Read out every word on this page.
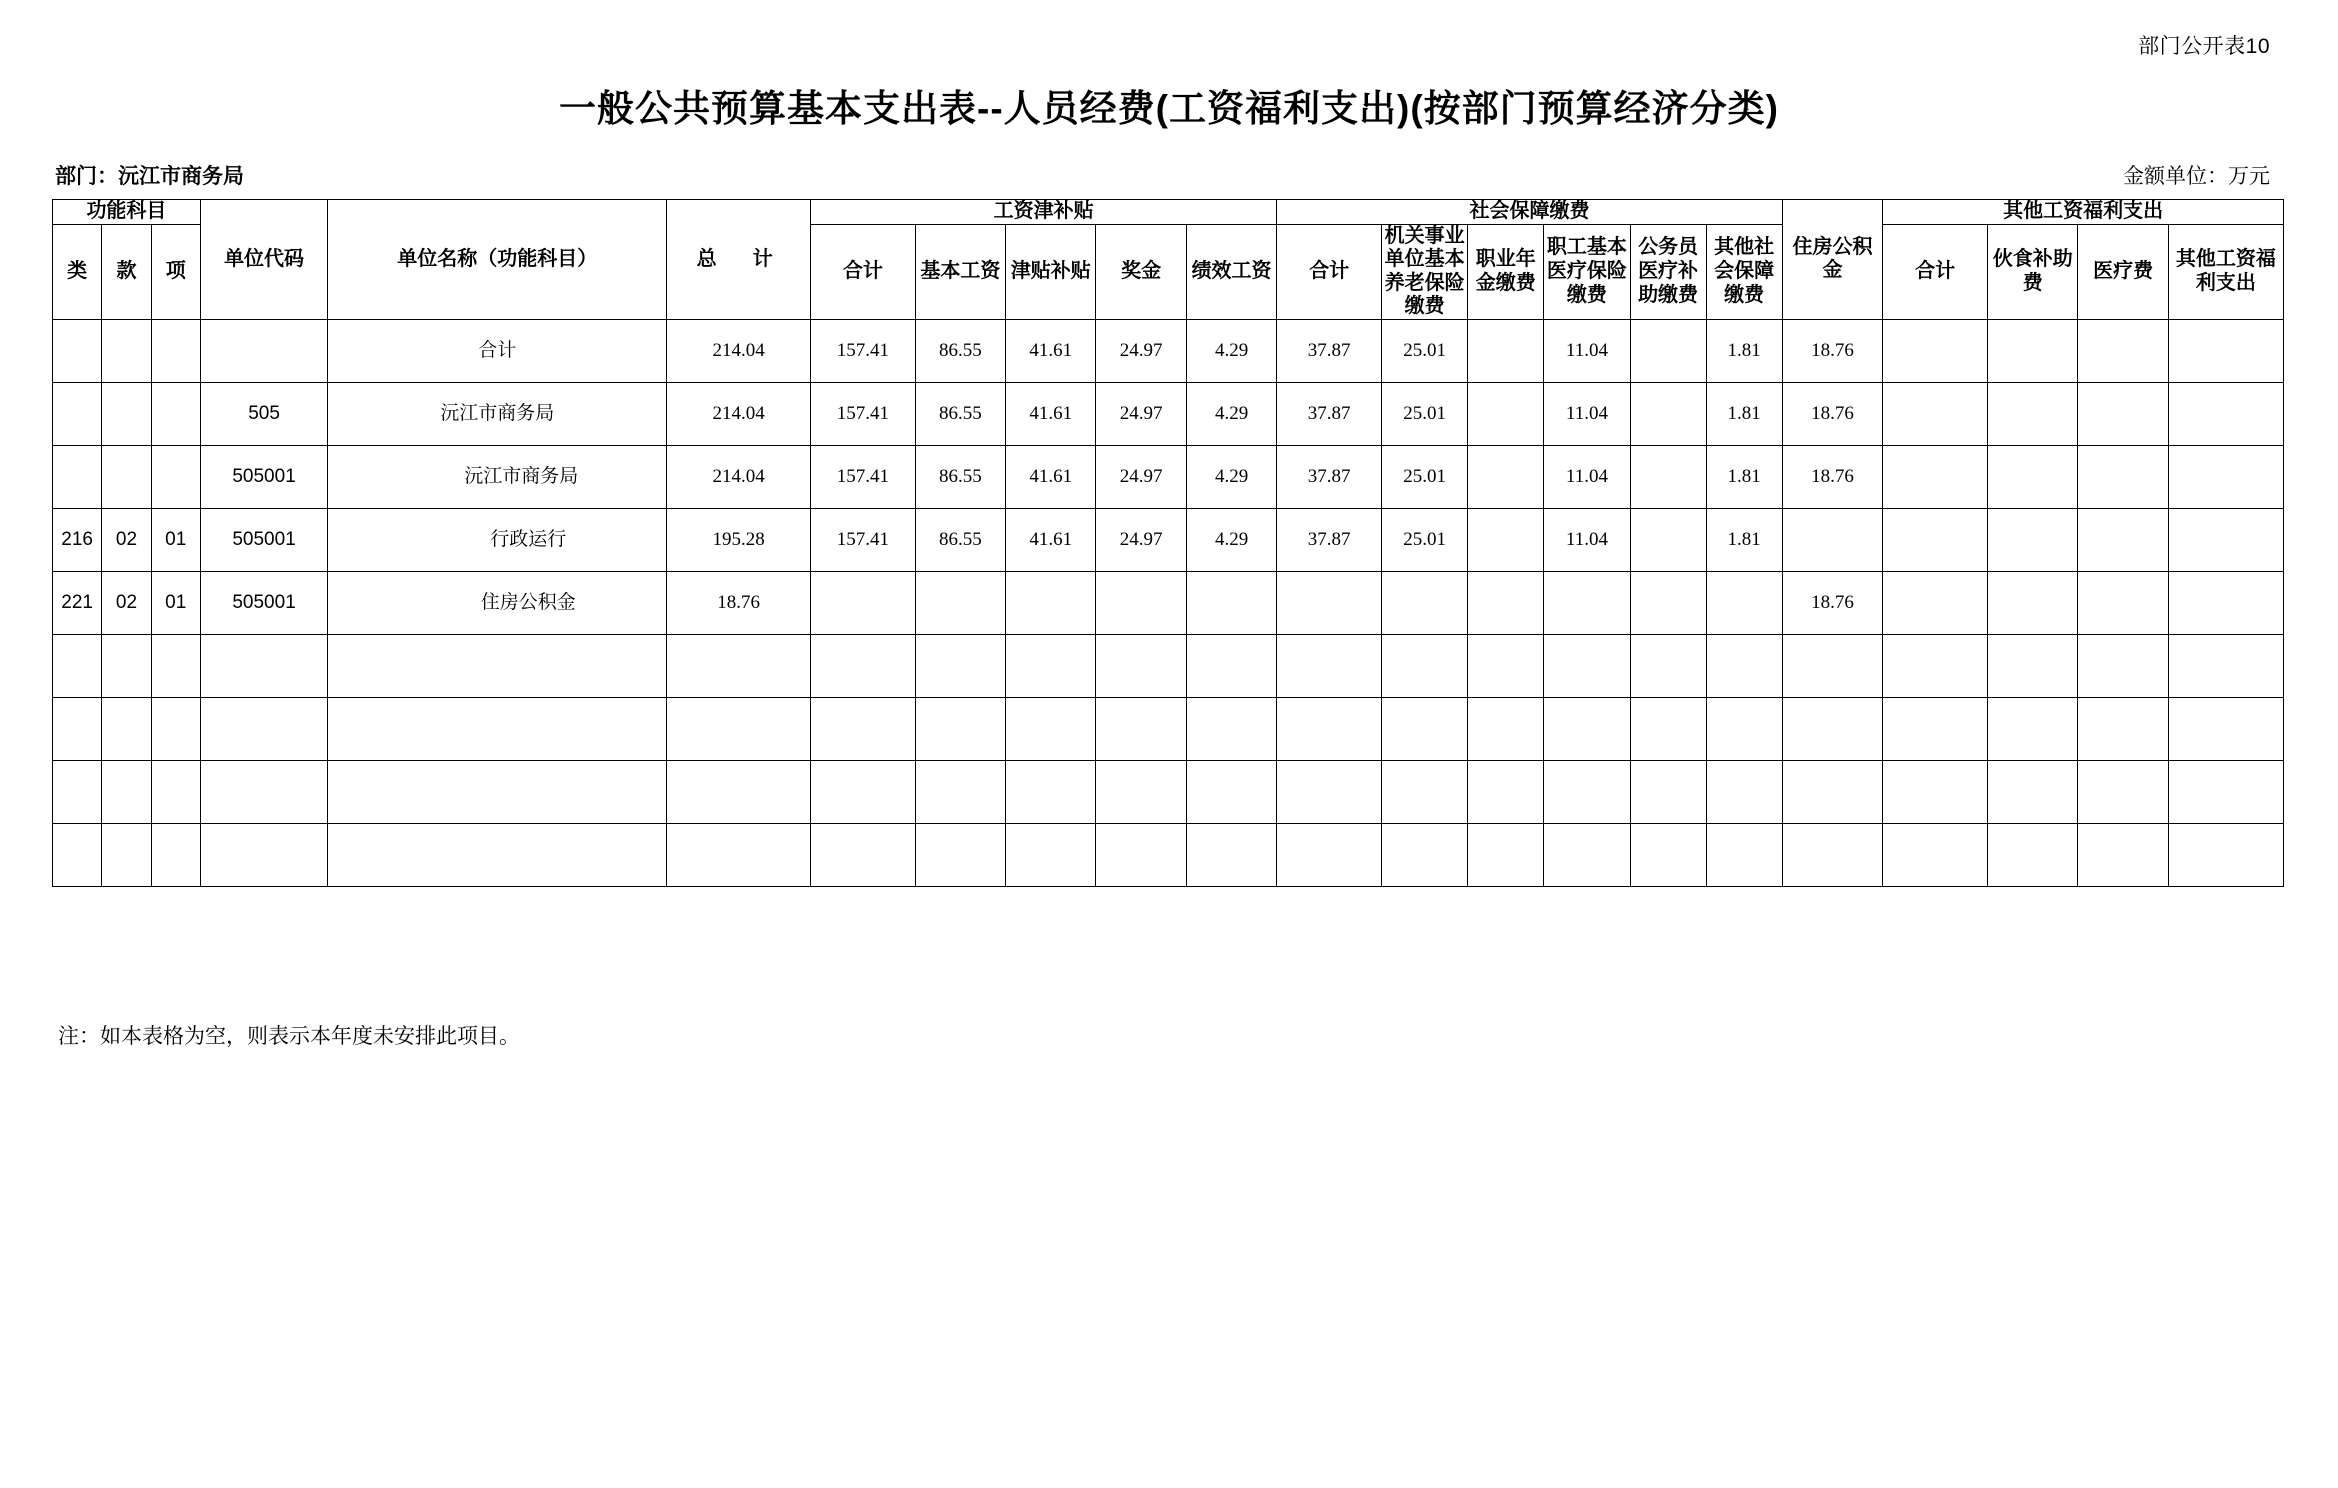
部门公开表10
一般公共预算基本支出表--人员经费(工资福利支出)(按部门预算经济分类)
部门：沅江市商务局	金额单位：万元
功能科目			单位代码	单位名称（功能科目）	总　计	工资津补贴					社会保障缴费						住房公积金	其他工资福利支出			
类	款	项				合计	基本工资	津贴补贴	奖金	绩效工资	合计	机关事业单位基本养老保险缴费	职业年金缴费	职工基本医疗保险缴费	公务员医疗补助缴费	其他社会保障缴费		合计	伙食补助费	医疗费	其他工资福利支出
				合计	214.04	157.41	86.55	41.61	24.97	4.29	37.87	25.01		11.04		1.81	18.76				
			505	沅江市商务局	214.04	157.41	86.55	41.61	24.97	4.29	37.87	25.01		11.04		1.81	18.76				
			505001	沅江市商务局	214.04	157.41	86.55	41.61	24.97	4.29	37.87	25.01		11.04		1.81	18.76				
216	02	01	505001	行政运行	195.28	157.41	86.55	41.61	24.97	4.29	37.87	25.01		11.04		1.81					
221	02	01	505001	住房公积金	18.76												18.76				

注：如本表格为空，则表示本年度未安排此项目。
